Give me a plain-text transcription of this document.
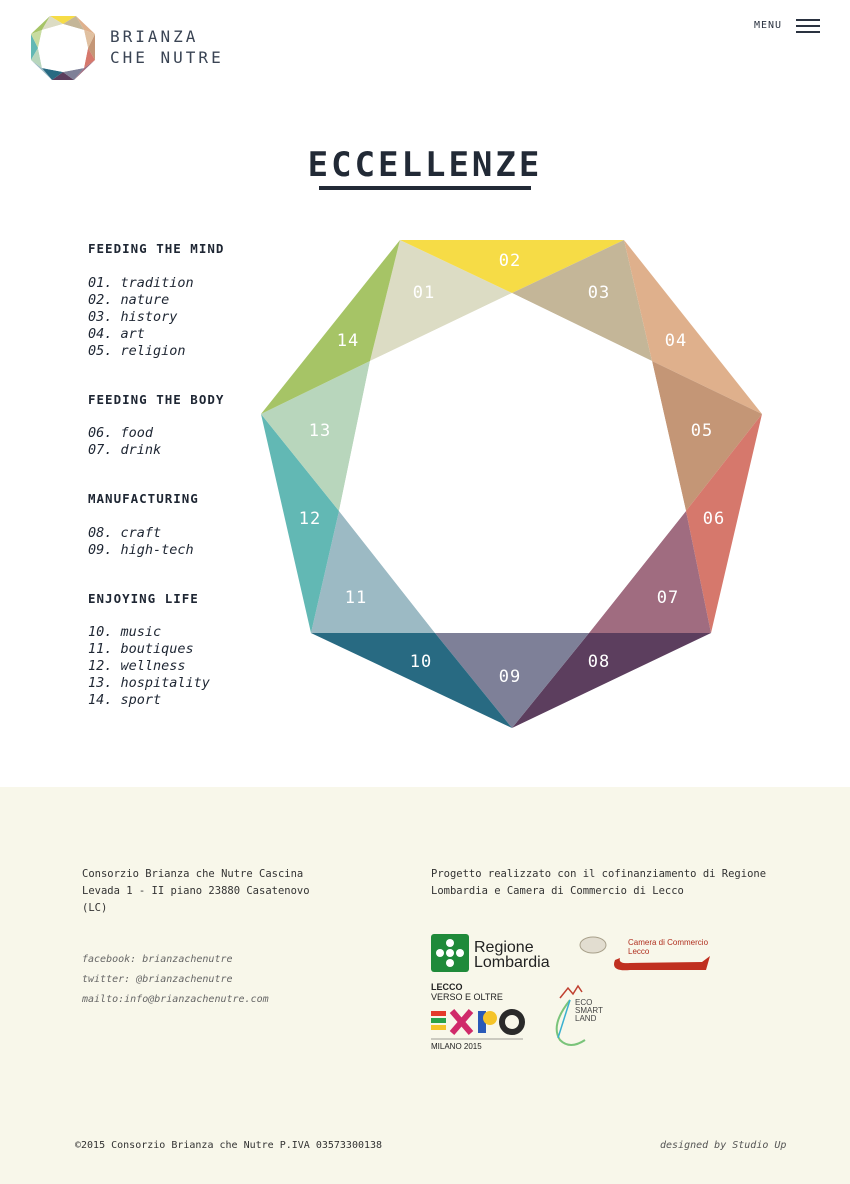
BRIANZA
CHE NUTRE
MENU
ECCELLENZE
FEEDING THE MIND
01. tradition
02. nature
03. history
04. art
05. religion
FEEDING THE BODY
06. food
07. drink
MANUFACTURING
08. craft
09. high-tech
ENJOYING LIFE
10. music
11. boutiques
12. wellness
13. hospitality
14. sport
01
02
03
04
05
06
07
08
09
10
11
12
13
14
Consorzio Brianza che Nutre Cascina
Levada 1 - II piano 23880 Casatenovo
(LC)
facebook: brianzachenutre
twitter: @brianzachenutre
mailto:info@brianzachenutre.com
Progetto realizzato con il cofinanziamento di Regione
Lombardia e Camera di Commercio di Lecco
Regione
Lombardia
Camera di Commercio
Lecco
LECCO
VERSO E OLTRE
MILANO 2015
ECO
SMART
LAND
©2015 Consorzio Brianza che Nutre P.IVA 03573300138	designed by Studio Up
